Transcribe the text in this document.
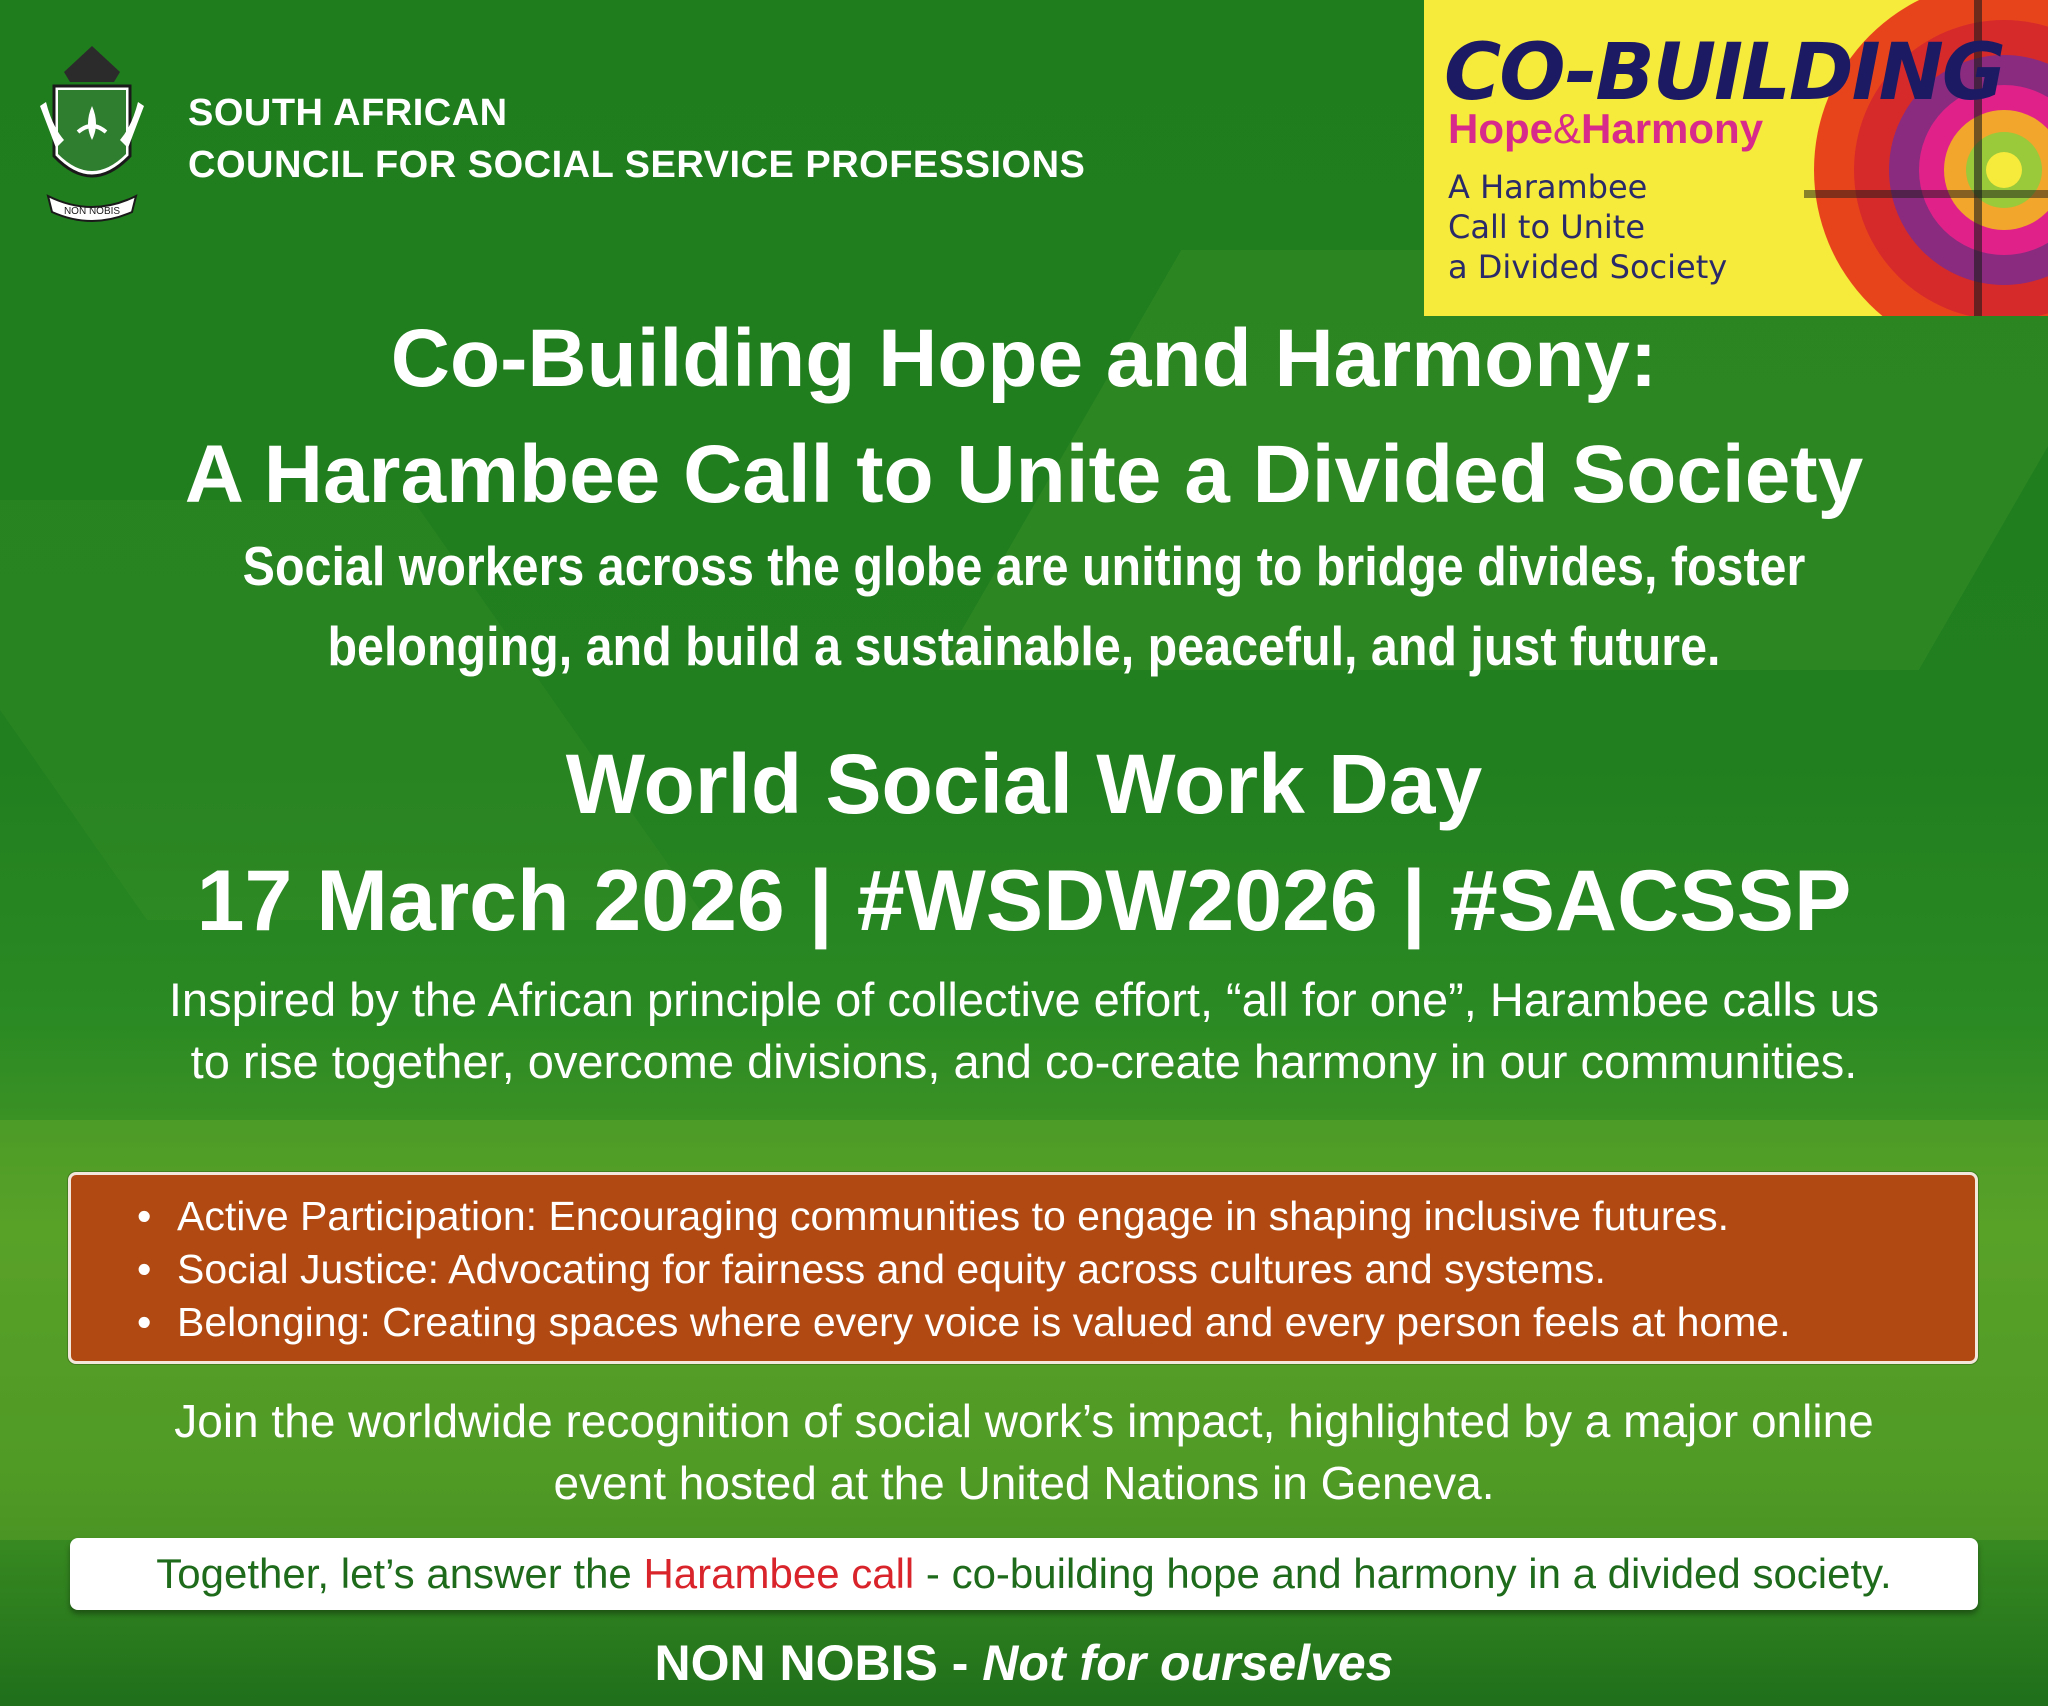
NON NOBIS
SOUTH AFRICAN
COUNCIL FOR SOCIAL SERVICE PROFESSIONS
CO-BUILDING
Hope&Harmony
A Harambee
Call to Unite
a Divided Society
Co-Building Hope and Harmony:
A Harambee Call to Unite a Divided Society
Social workers across the globe are uniting to bridge divides, foster
belonging, and build a sustainable, peaceful, and just future.
World Social Work Day
17 March 2026 | #WSDW2026 | #SACSSP
Inspired by the African principle of collective effort, “all for one”, Harambee calls us
to rise together, overcome divisions, and co-create harmony in our communities.
• Active Participation: Encouraging communities to engage in shaping inclusive futures.
• Social Justice: Advocating for fairness and equity across cultures and systems.
• Belonging: Creating spaces where every voice is valued and every person feels at home.
Join the worldwide recognition of social work’s impact, highlighted by a major online
event hosted at the United Nations in Geneva.
Together, let’s answer the Harambee call - co-building hope and harmony in a divided society.
NON NOBIS - Not for ourselves
